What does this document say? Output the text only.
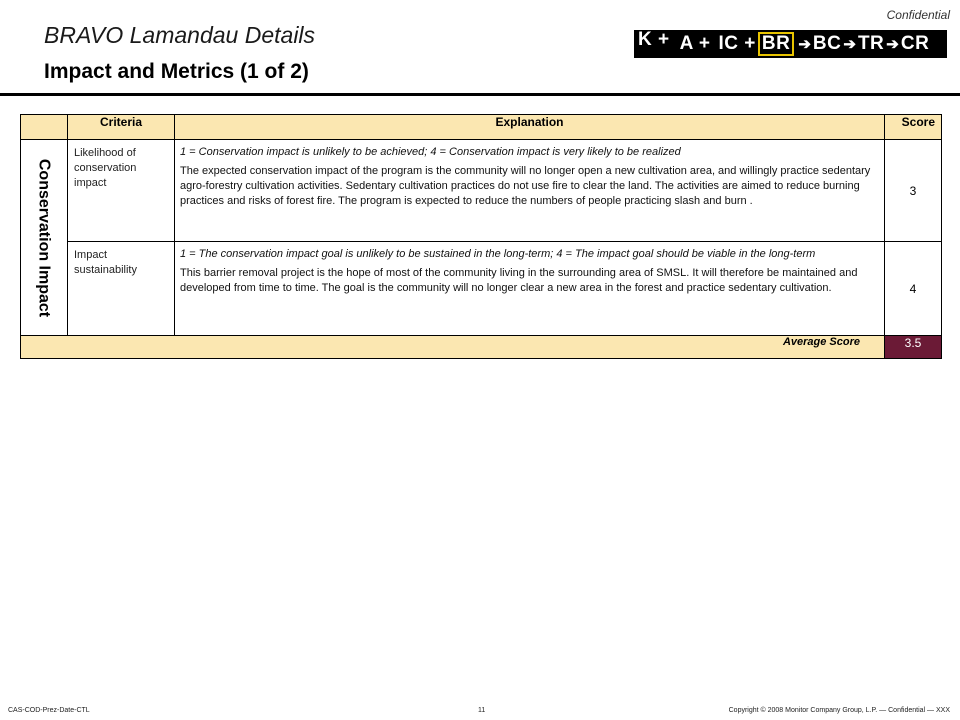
Confidential
BRAVO Lamandau Details
Impact and Metrics (1 of 2)
K + A + IC + BR ➔ BC ➔ TR ➔ CR
	Criteria	Explanation	Score

Conservation Impact	Likelihood of conservation impact	1 = Conservation impact is unlikely to be achieved; 4 = Conservation impact is very likely to be realized
The expected conservation impact of the program is the community will no longer open a new cultivation area, and willingly practice sedentary agro-forestry cultivation activities. Sedentary cultivation practices do not use fire to clear the land. The activities are aimed to reduce burning practices and risks of forest fire. The program is expected to reduce the numbers of people practicing slash and burn .	3
	Impact sustainability	1 = The conservation impact goal is unlikely to be sustained in the long-term; 4 = The impact goal should be viable in the long-term
This barrier removal project is the hope of most of the community living in the surrounding area of SMSL. It will therefore be maintained and developed from time to time. The goal is the community will no longer clear a new area in the forest and practice sedentary cultivation.	4
Average Score			3.5
CAS-COD-Prez-Date-CTL	11	Copyright © 2008 Monitor Company Group, L.P. — Confidential — XXX
